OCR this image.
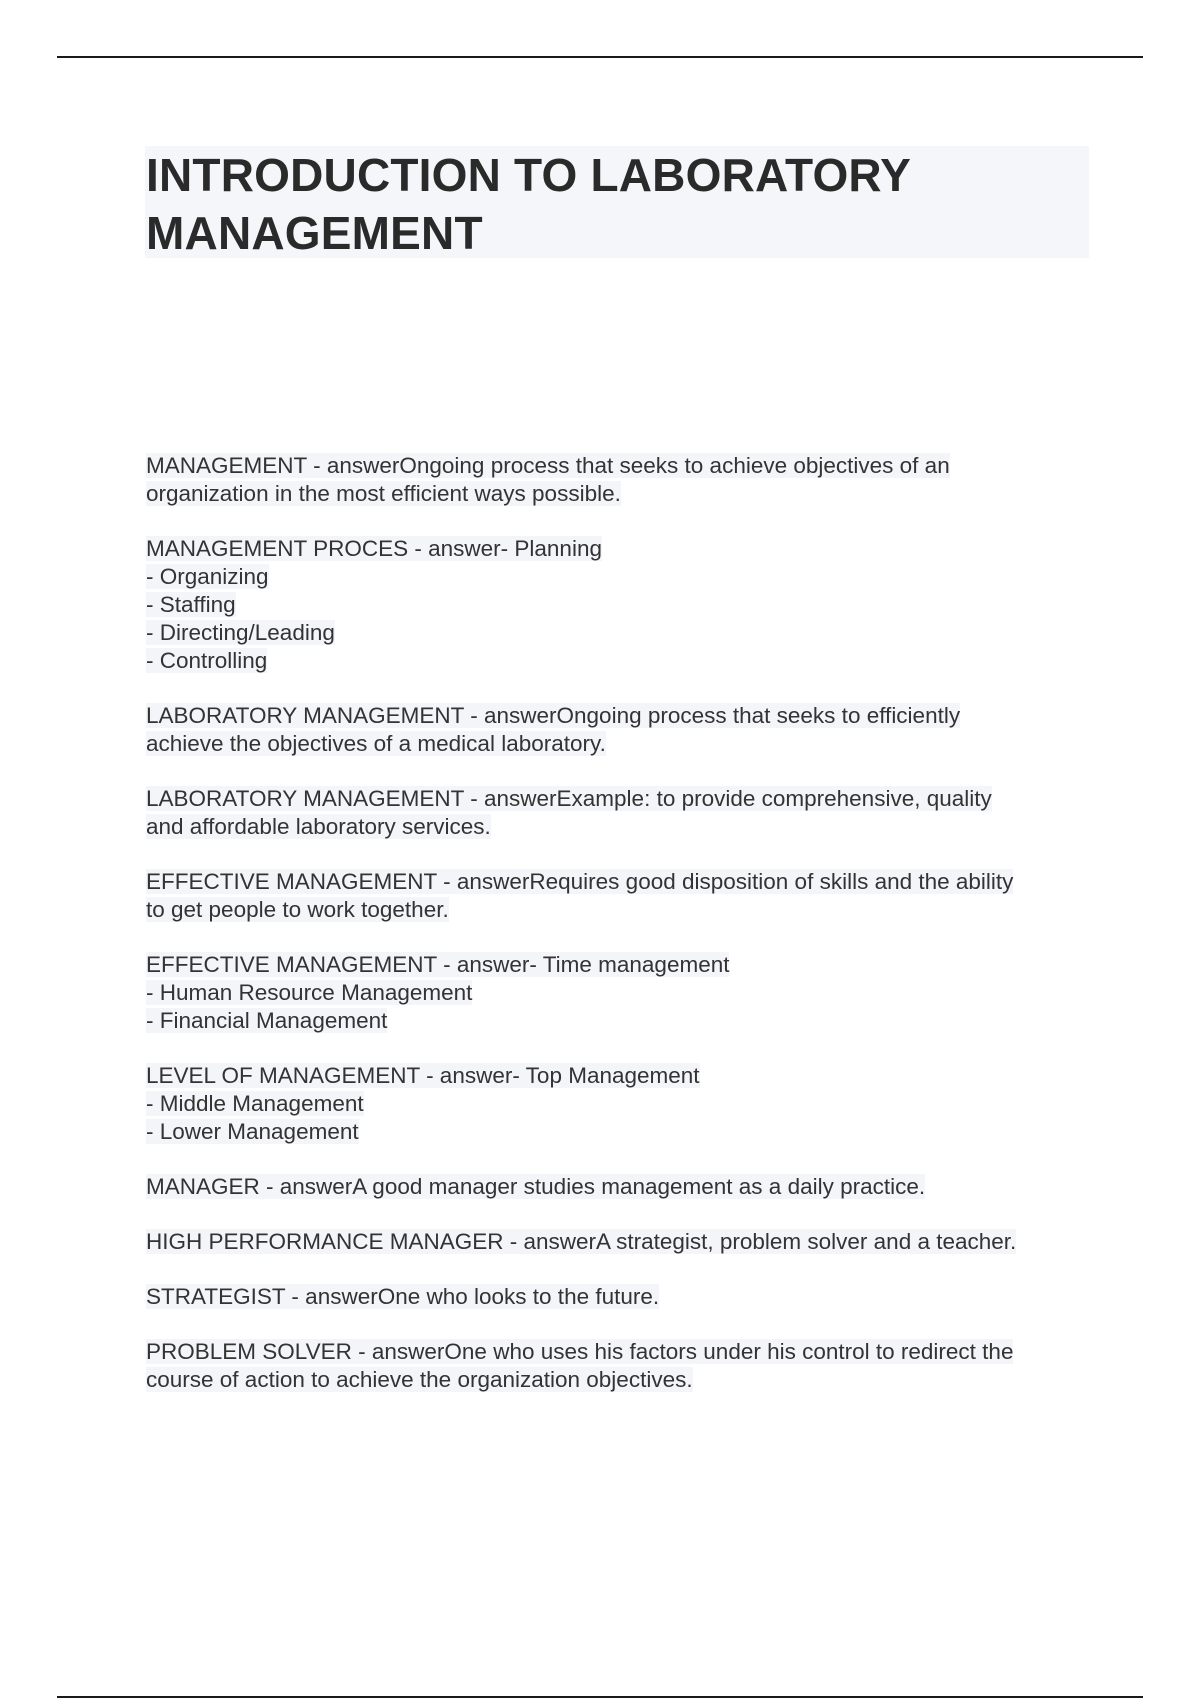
INTRODUCTION TO LABORATORY
MANAGEMENT

MANAGEMENT - answerOngoing process that seeks to achieve objectives of an
organization in the most efficient ways possible.

MANAGEMENT PROCES - answer- Planning
- Organizing
- Staffing
- Directing/Leading
- Controlling

LABORATORY MANAGEMENT - answerOngoing process that seeks to efficiently
achieve the objectives of a medical laboratory.

LABORATORY MANAGEMENT - answerExample: to provide comprehensive, quality
and affordable laboratory services.

EFFECTIVE MANAGEMENT - answerRequires good disposition of skills and the ability
to get people to work together.

EFFECTIVE MANAGEMENT - answer- Time management
- Human Resource Management
- Financial Management

LEVEL OF MANAGEMENT - answer- Top Management
- Middle Management
- Lower Management

MANAGER - answerA good manager studies management as a daily practice.

HIGH PERFORMANCE MANAGER - answerA strategist, problem solver and a teacher.

STRATEGIST - answerOne who looks to the future.

PROBLEM SOLVER - answerOne who uses his factors under his control to redirect the
course of action to achieve the organization objectives.
